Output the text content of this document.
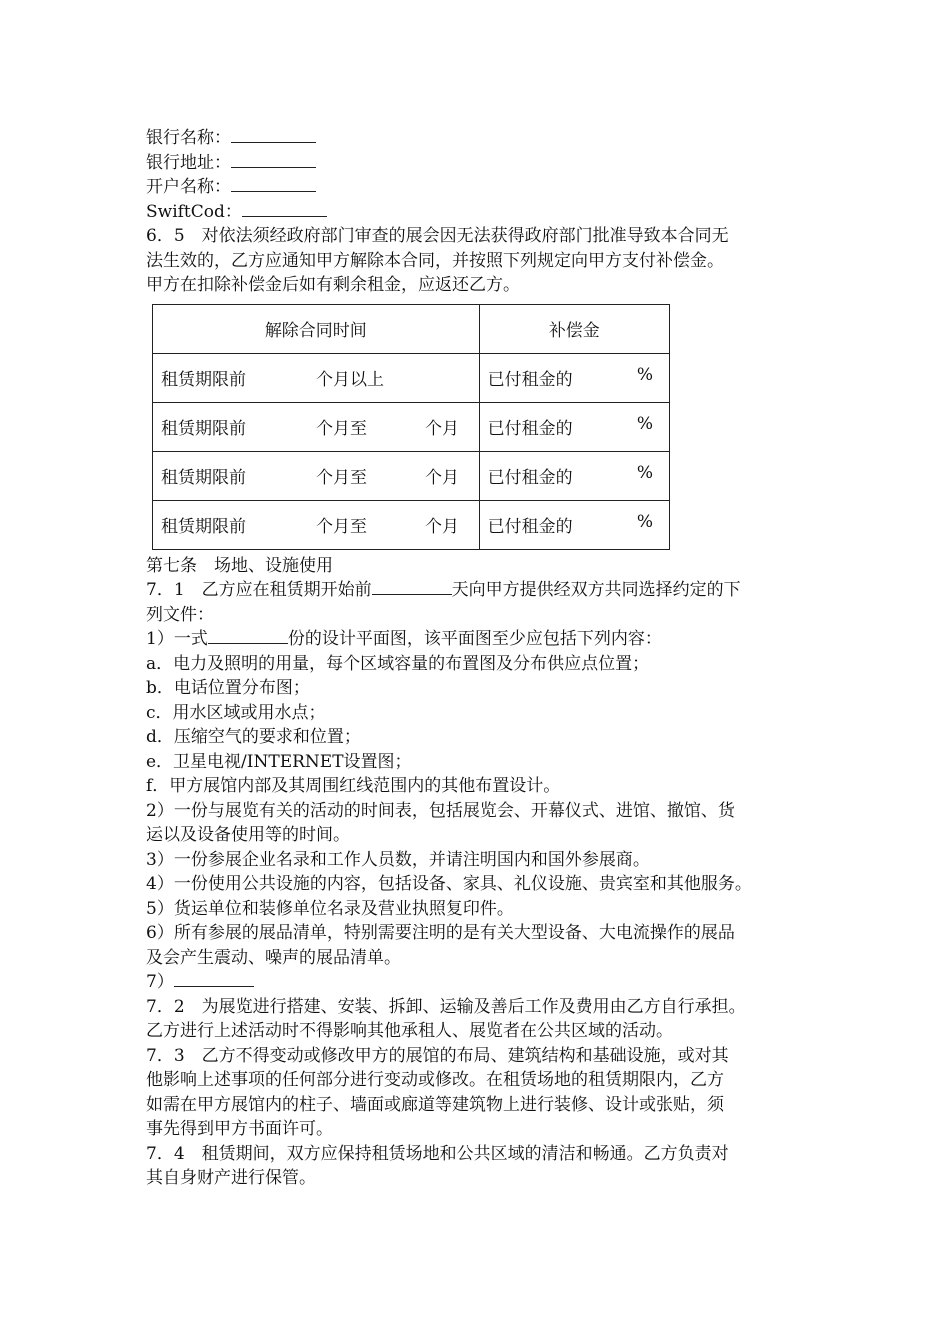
银行名称：
银行地址：
开户名称：
SwiftCod：
6．5　对依法须经政府部门审查的展会因无法获得政府部门批准导致本合同无
法生效的，乙方应通知甲方解除本合同，并按照下列规定向甲方支付补偿金。
甲方在扣除补偿金后如有剩余租金，应返还乙方。
解除合同时间	补偿金
租赁期限前 个月以上	已付租金的 %

租赁期限前 个月至 个月	已付租金的 %

租赁期限前 个月至 个月	已付租金的 %

租赁期限前 个月至 个月	已付租金的 %
第七条　场地、设施使用
7．1　乙方应在租赁期开始前	天向甲方提供经双方共同选择约定的下
列文件：
1）一式	份的设计平面图，该平面图至少应包括下列内容：
a．电力及照明的用量，每个区域容量的布置图及分布供应点位置；
b．电话位置分布图；
c．用水区域或用水点；
d．压缩空气的要求和位置；
e．卫星电视/INTERNET设置图；
f．甲方展馆内部及其周围红线范围内的其他布置设计。
2）一份与展览有关的活动的时间表，包括展览会、开幕仪式、进馆、撤馆、货
运以及设备使用等的时间。
3）一份参展企业名录和工作人员数，并请注明国内和国外参展商。
4）一份使用公共设施的内容，包括设备、家具、礼仪设施、贵宾室和其他服务。
5）货运单位和装修单位名录及营业执照复印件。
6）所有参展的展品清单，特别需要注明的是有关大型设备、大电流操作的展品
及会产生震动、噪声的展品清单。
7）
7．2　为展览进行搭建、安装、拆卸、运输及善后工作及费用由乙方自行承担。
乙方进行上述活动时不得影响其他承租人、展览者在公共区域的活动。
7．3　乙方不得变动或修改甲方的展馆的布局、建筑结构和基础设施，或对其
他影响上述事项的任何部分进行变动或修改。在租赁场地的租赁期限内，乙方
如需在甲方展馆内的柱子、墙面或廊道等建筑物上进行装修、设计或张贴，须
事先得到甲方书面许可。
7．4　租赁期间，双方应保持租赁场地和公共区域的清洁和畅通。乙方负责对
其自身财产进行保管。
